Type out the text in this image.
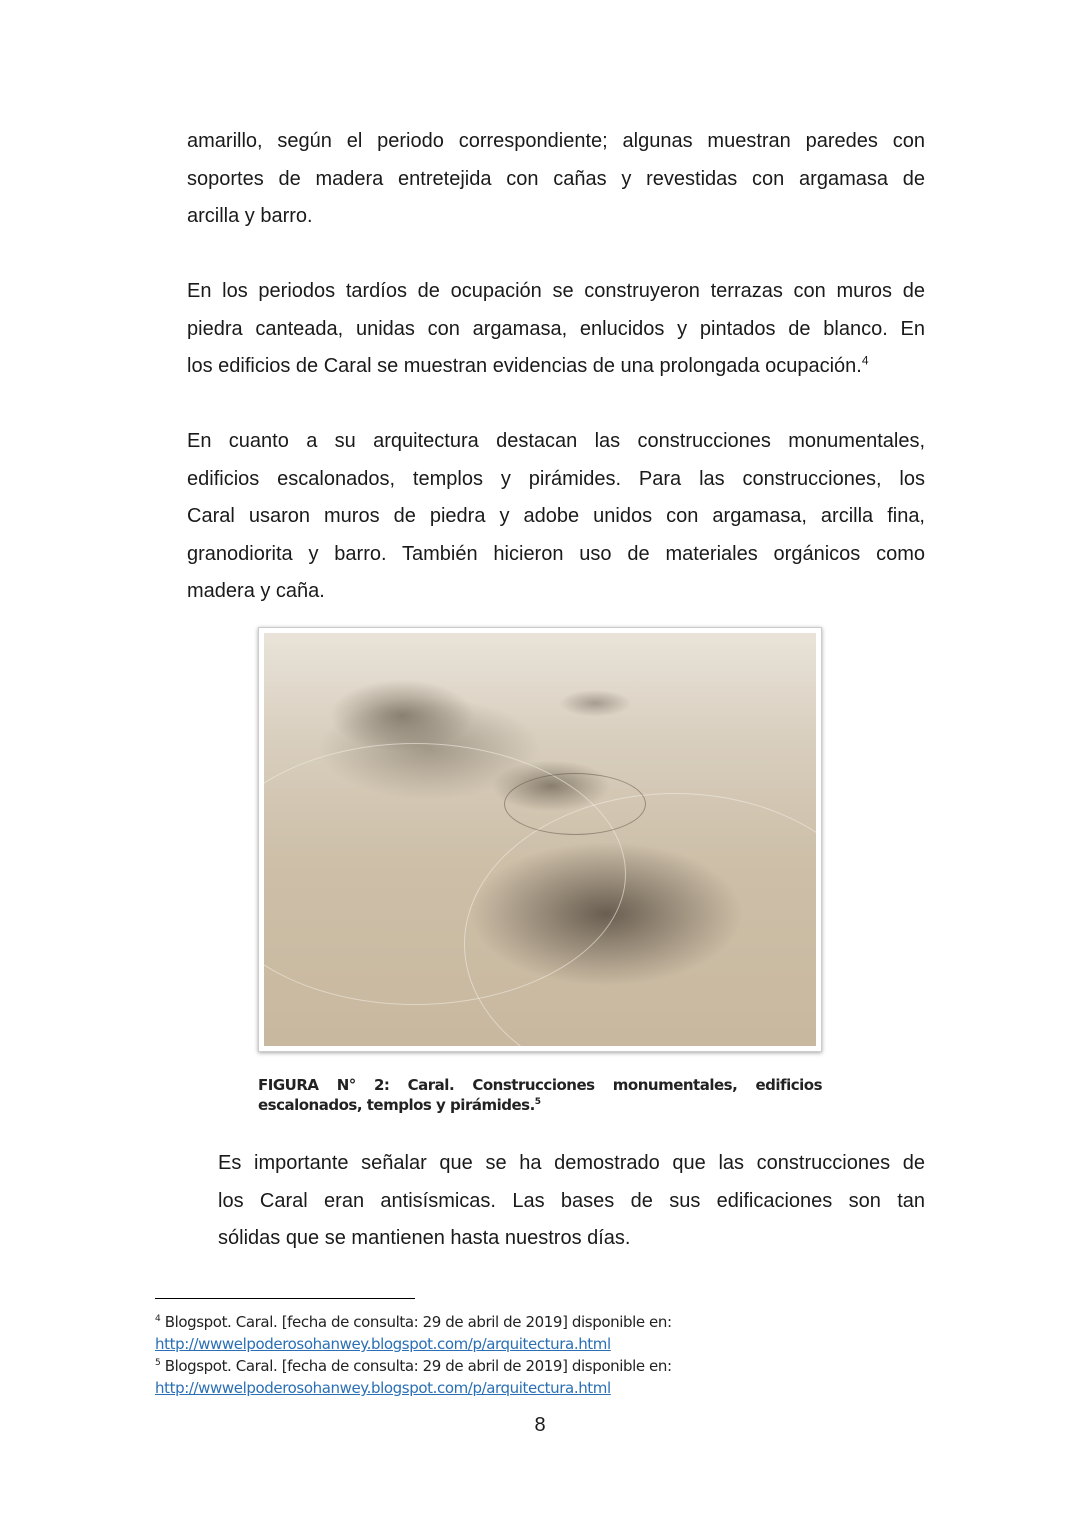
amarillo, según el periodo correspondiente; algunas muestran paredes con
soportes de madera entretejida con cañas y revestidas con argamasa de
arcilla y barro.
En los periodos tardíos de ocupación se construyeron terrazas con muros de
piedra canteada, unidas con argamasa, enlucidos y pintados de blanco. En
los edificios de Caral se muestran evidencias de una prolongada ocupación.$^4$
En cuanto a su arquitectura destacan las construcciones monumentales,
edificios escalonados, templos y pirámides. Para las construcciones, los
Caral usaron muros de piedra y adobe unidos con argamasa, arcilla fina,
granodiorita y barro. También hicieron uso de materiales orgánicos como
madera y caña.
FIGURA N° 2: Caral. Construcciones monumentales, edificios
escalonados, templos y pirámides.$^5$
Es importante señalar que se ha demostrado que las construcciones de
los Caral eran antisísmicas. Las bases de sus edificaciones son tan
sólidas que se mantienen hasta nuestros días.
$^4$ Blogspot. Caral. [fecha de consulta: 29 de abril de 2019] disponible en:
http://wwwelpoderosohanwey.blogspot.com/p/arquitectura.html
$^5$ Blogspot. Caral. [fecha de consulta: 29 de abril de 2019] disponible en:
http://wwwelpoderosohanwey.blogspot.com/p/arquitectura.html
8
